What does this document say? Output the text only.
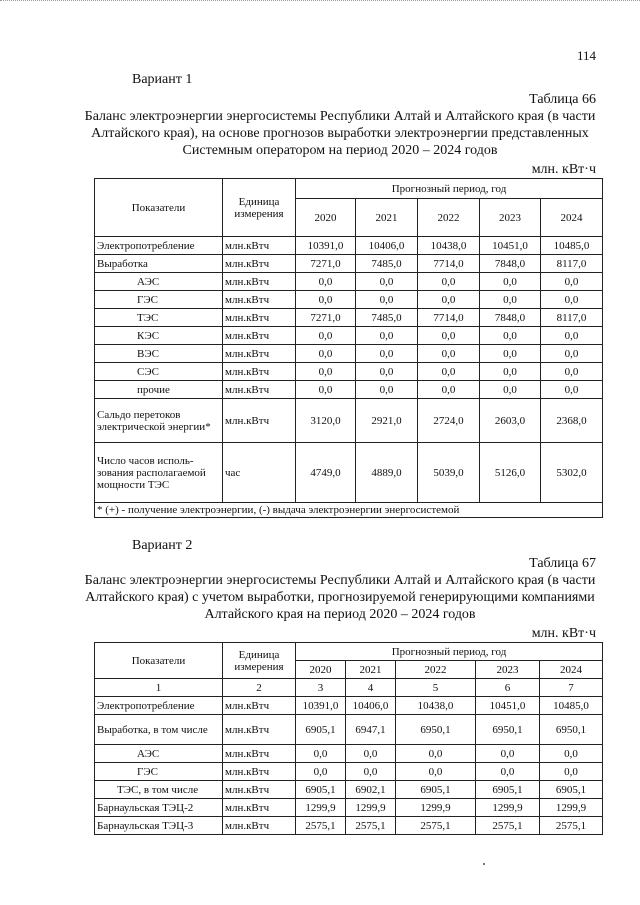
114
Вариант 1
Таблица 66
Баланс электроэнергии энергосистемы Республики Алтай и Алтайского края (в части Алтайского края), на основе прогнозов выработки электроэнергии представленных Системным оператором на период 2020 – 2024 годов
млн. кВт·ч
Показатели	Единица измерения	Прогнозный период, год				
		2020	2021	2022	2023	2024
Электропотребление	млн.кВтч	10391,0	10406,0	10438,0	10451,0	10485,0
Выработка	млн.кВтч	7271,0	7485,0	7714,0	7848,0	8117,0
АЭС	млн.кВтч	0,0	0,0	0,0	0,0	0,0
ГЭС	млн.кВтч	0,0	0,0	0,0	0,0	0,0
ТЭС	млн.кВтч	7271,0	7485,0	7714,0	7848,0	8117,0
КЭС	млн.кВтч	0,0	0,0	0,0	0,0	0,0
ВЭС	млн.кВтч	0,0	0,0	0,0	0,0	0,0
СЭС	млн.кВтч	0,0	0,0	0,0	0,0	0,0
прочие	млн.кВтч	0,0	0,0	0,0	0,0	0,0
Сальдо перетоков электрической энергии*	млн.кВтч	3120,0	2921,0	2724,0	2603,0	2368,0
Число часов исполь-зования располагаемой мощности ТЭС	час	4749,0	4889,0	5039,0	5126,0	5302,0
* (+) - получение электроэнергии, (-) выдача электроэнергии энергосистемой						
Вариант 2
Таблица 67
Баланс электроэнергии энергосистемы Республики Алтай и Алтайского края (в части Алтайского края) с учетом выработки, прогнозируемой генерирующими компаниями Алтайского края на период 2020 – 2024 годов
млн. кВт·ч
Показатели	Единица измерения	Прогнозный период, год				
		2020	2021	2022	2023	2024
1	2	3	4	5	6	7
Электропотребление	млн.кВтч	10391,0	10406,0	10438,0	10451,0	10485,0
Выработка, в том числе	млн.кВтч	6905,1	6947,1	6950,1	6950,1	6950,1
АЭС	млн.кВтч	0,0	0,0	0,0	0,0	0,0
ГЭС	млн.кВтч	0,0	0,0	0,0	0,0	0,0
ТЭС, в том числе	млн.кВтч	6905,1	6902,1	6905,1	6905,1	6905,1
Барнаульская ТЭЦ-2	млн.кВтч	1299,9	1299,9	1299,9	1299,9	1299,9
Барнаульская ТЭЦ-3	млн.кВтч	2575,1	2575,1	2575,1	2575,1	2575,1
